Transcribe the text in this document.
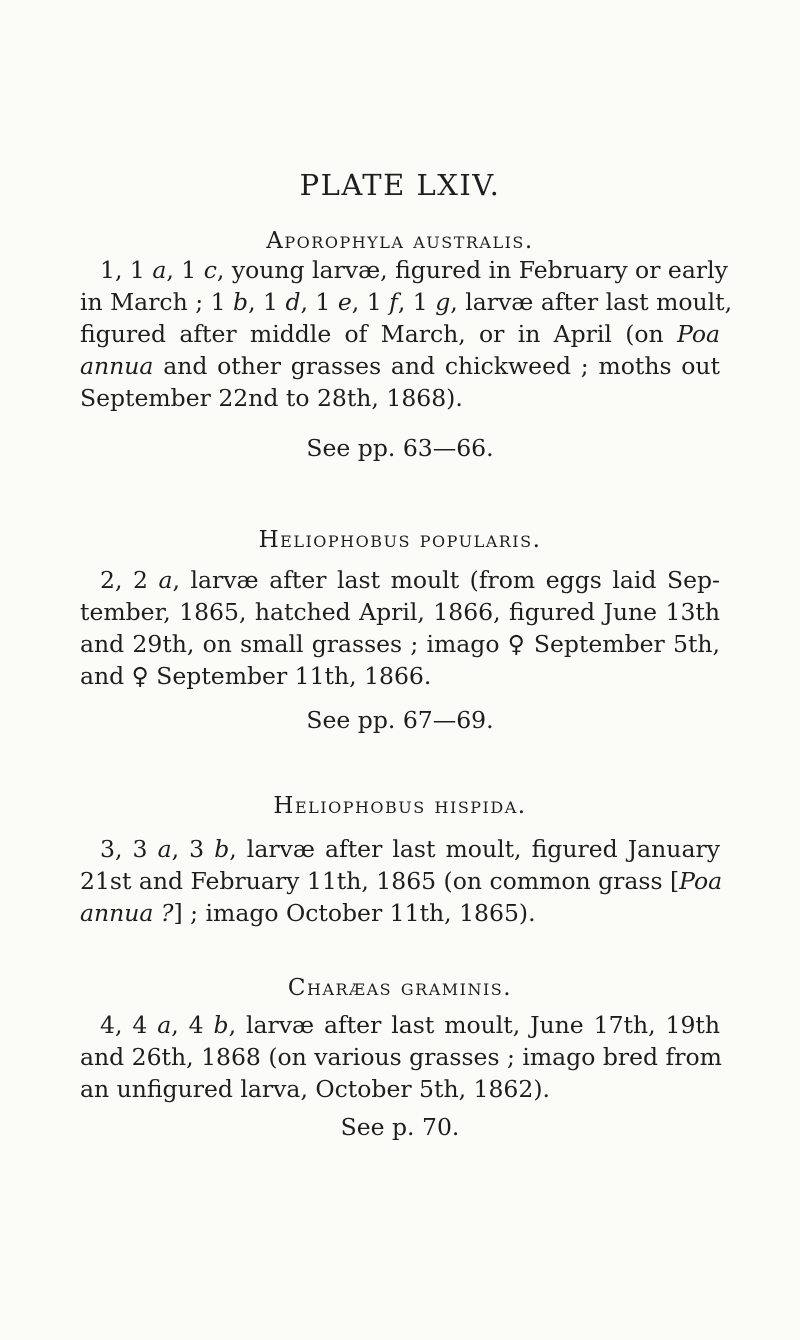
PLATE LXIV.
Aporophyla australis.
1, 1 a, 1 c, young larvæ, figured in February or early
in March ; 1 b, 1 d, 1 e, 1 f, 1 g, larvæ after last moult,
figured after middle of March, or in April (on Poa
annua and other grasses and chickweed ; moths out
September 22nd to 28th, 1868).
See pp. 63—66.
Heliophobus popularis.
2, 2 a, larvæ after last moult (from eggs laid Sep-
tember, 1865, hatched April, 1866, figured June 13th
and 29th, on small grasses ; imago ♀ September 5th,
and ♀ September 11th, 1866.
See pp. 67—69.
Heliophobus hispida.
3, 3 a, 3 b, larvæ after last moult, figured January
21st and February 11th, 1865 (on common grass [Poa
annua ?] ; imago October 11th, 1865).
Charæas graminis.
4, 4 a, 4 b, larvæ after last moult, June 17th, 19th
and 26th, 1868 (on various grasses ; imago bred from
an unfigured larva, October 5th, 1862).
See p. 70.
